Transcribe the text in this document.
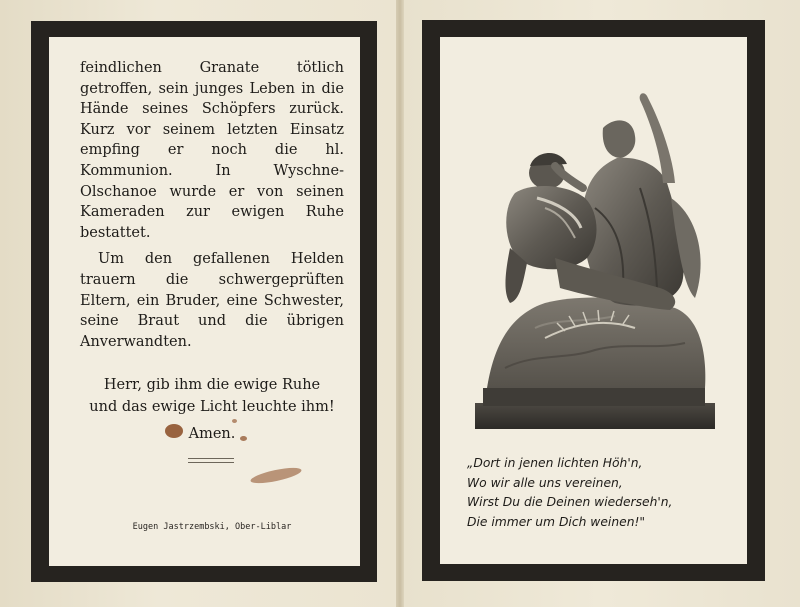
feindlichen Granate tötlich getroffen, sein junges Leben in die Hände seines Schöpfers zurück. Kurz vor seinem letzten Einsatz empfing er noch die hl. Kommunion. In Wyschne-Olschanoe wurde er von seinen Kameraden zur ewigen Ruhe bestattet.

Um den gefallenen Helden trauern die schwergeprüften Eltern, ein Bruder, eine Schwester, seine Braut und die übrigen Anverwandten.

Herr, gib ihm die ewige Ruhe
und das ewige Licht leuchte ihm!
Amen.
Eugen Jastrzembski, Ober-Liblar
„Dort in jenen lichten Höh'n,
Wo wir alle uns vereinen,
Wirst Du die Deinen wiederseh'n,
Die immer um Dich weinen!"
